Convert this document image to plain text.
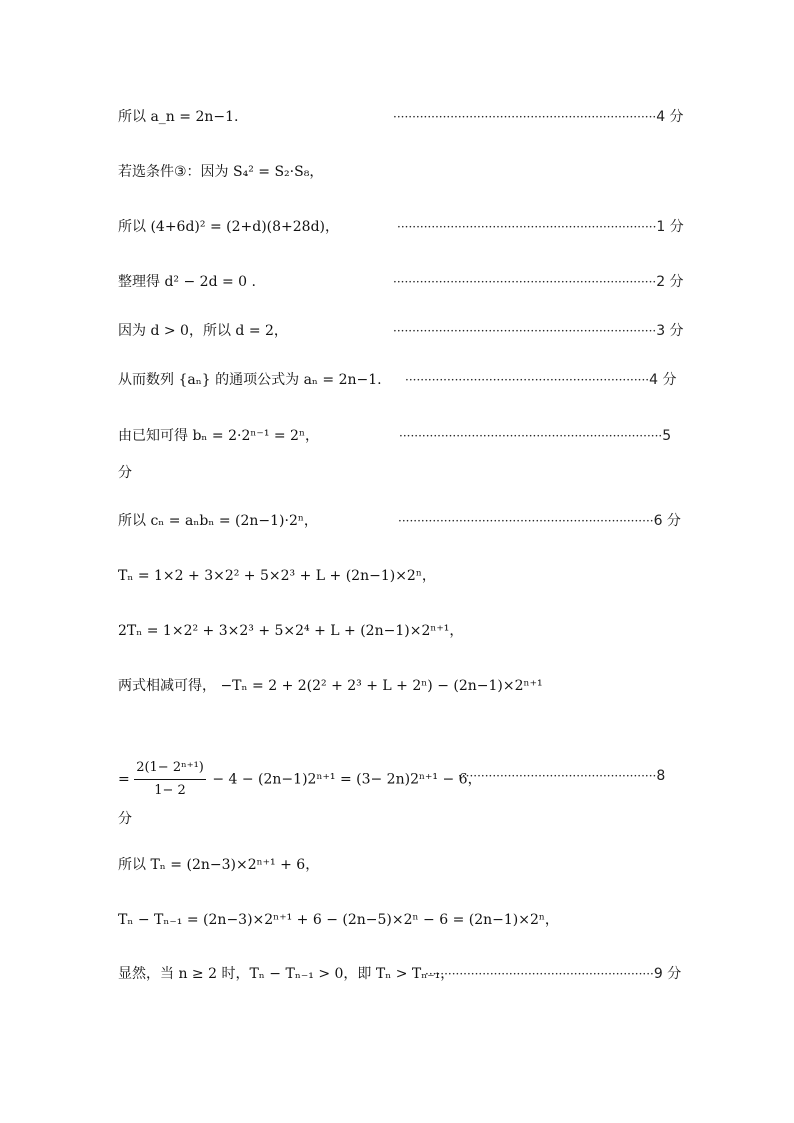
所以 a_n = 2n−1.	·····································································4 分
若选条件③：因为 S₄² = S₂·S₈，
所以 (4+6d)² = (2+d)(8+28d)，	····································································1 分
整理得 d² − 2d = 0 .	·····································································2 分
因为 d > 0，所以 d = 2，	·····································································3 分
从而数列 {aₙ} 的通项公式为 aₙ = 2n−1. ································································4 分
由已知可得 bₙ = 2·2ⁿ⁻¹ = 2ⁿ，	·····································································5
分
所以 cₙ = aₙbₙ = (2n−1)·2ⁿ，	···································································6 分
Tₙ = 1×2 + 3×2² + 5×2³ + L + (2n−1)×2ⁿ，
2Tₙ = 1×2² + 3×2³ + 5×2⁴ + L + (2n−1)×2ⁿ⁺¹，
两式相减可得， −Tₙ = 2 + 2(2² + 2³ + L + 2ⁿ) − (2n−1)×2ⁿ⁺¹
= $\frac{\text{2(1− 2ⁿ⁺¹)}}{1- 2} - 4 - (2n-1)2^{n+1} = (3- 2n)2^{n+1} - 6$，
····················································8
分
所以 Tₙ = (2n−3)×2ⁿ⁺¹ + 6，
Tₙ − Tₙ₋₁ = (2n−3)×2ⁿ⁺¹ + 6 − (2n−5)×2ⁿ − 6 = (2n−1)×2ⁿ，
显然，当 n ≥ 2 时，Tₙ − Tₙ₋₁ > 0，即 Tₙ > Tₙ₋₁，
····························································9 分
